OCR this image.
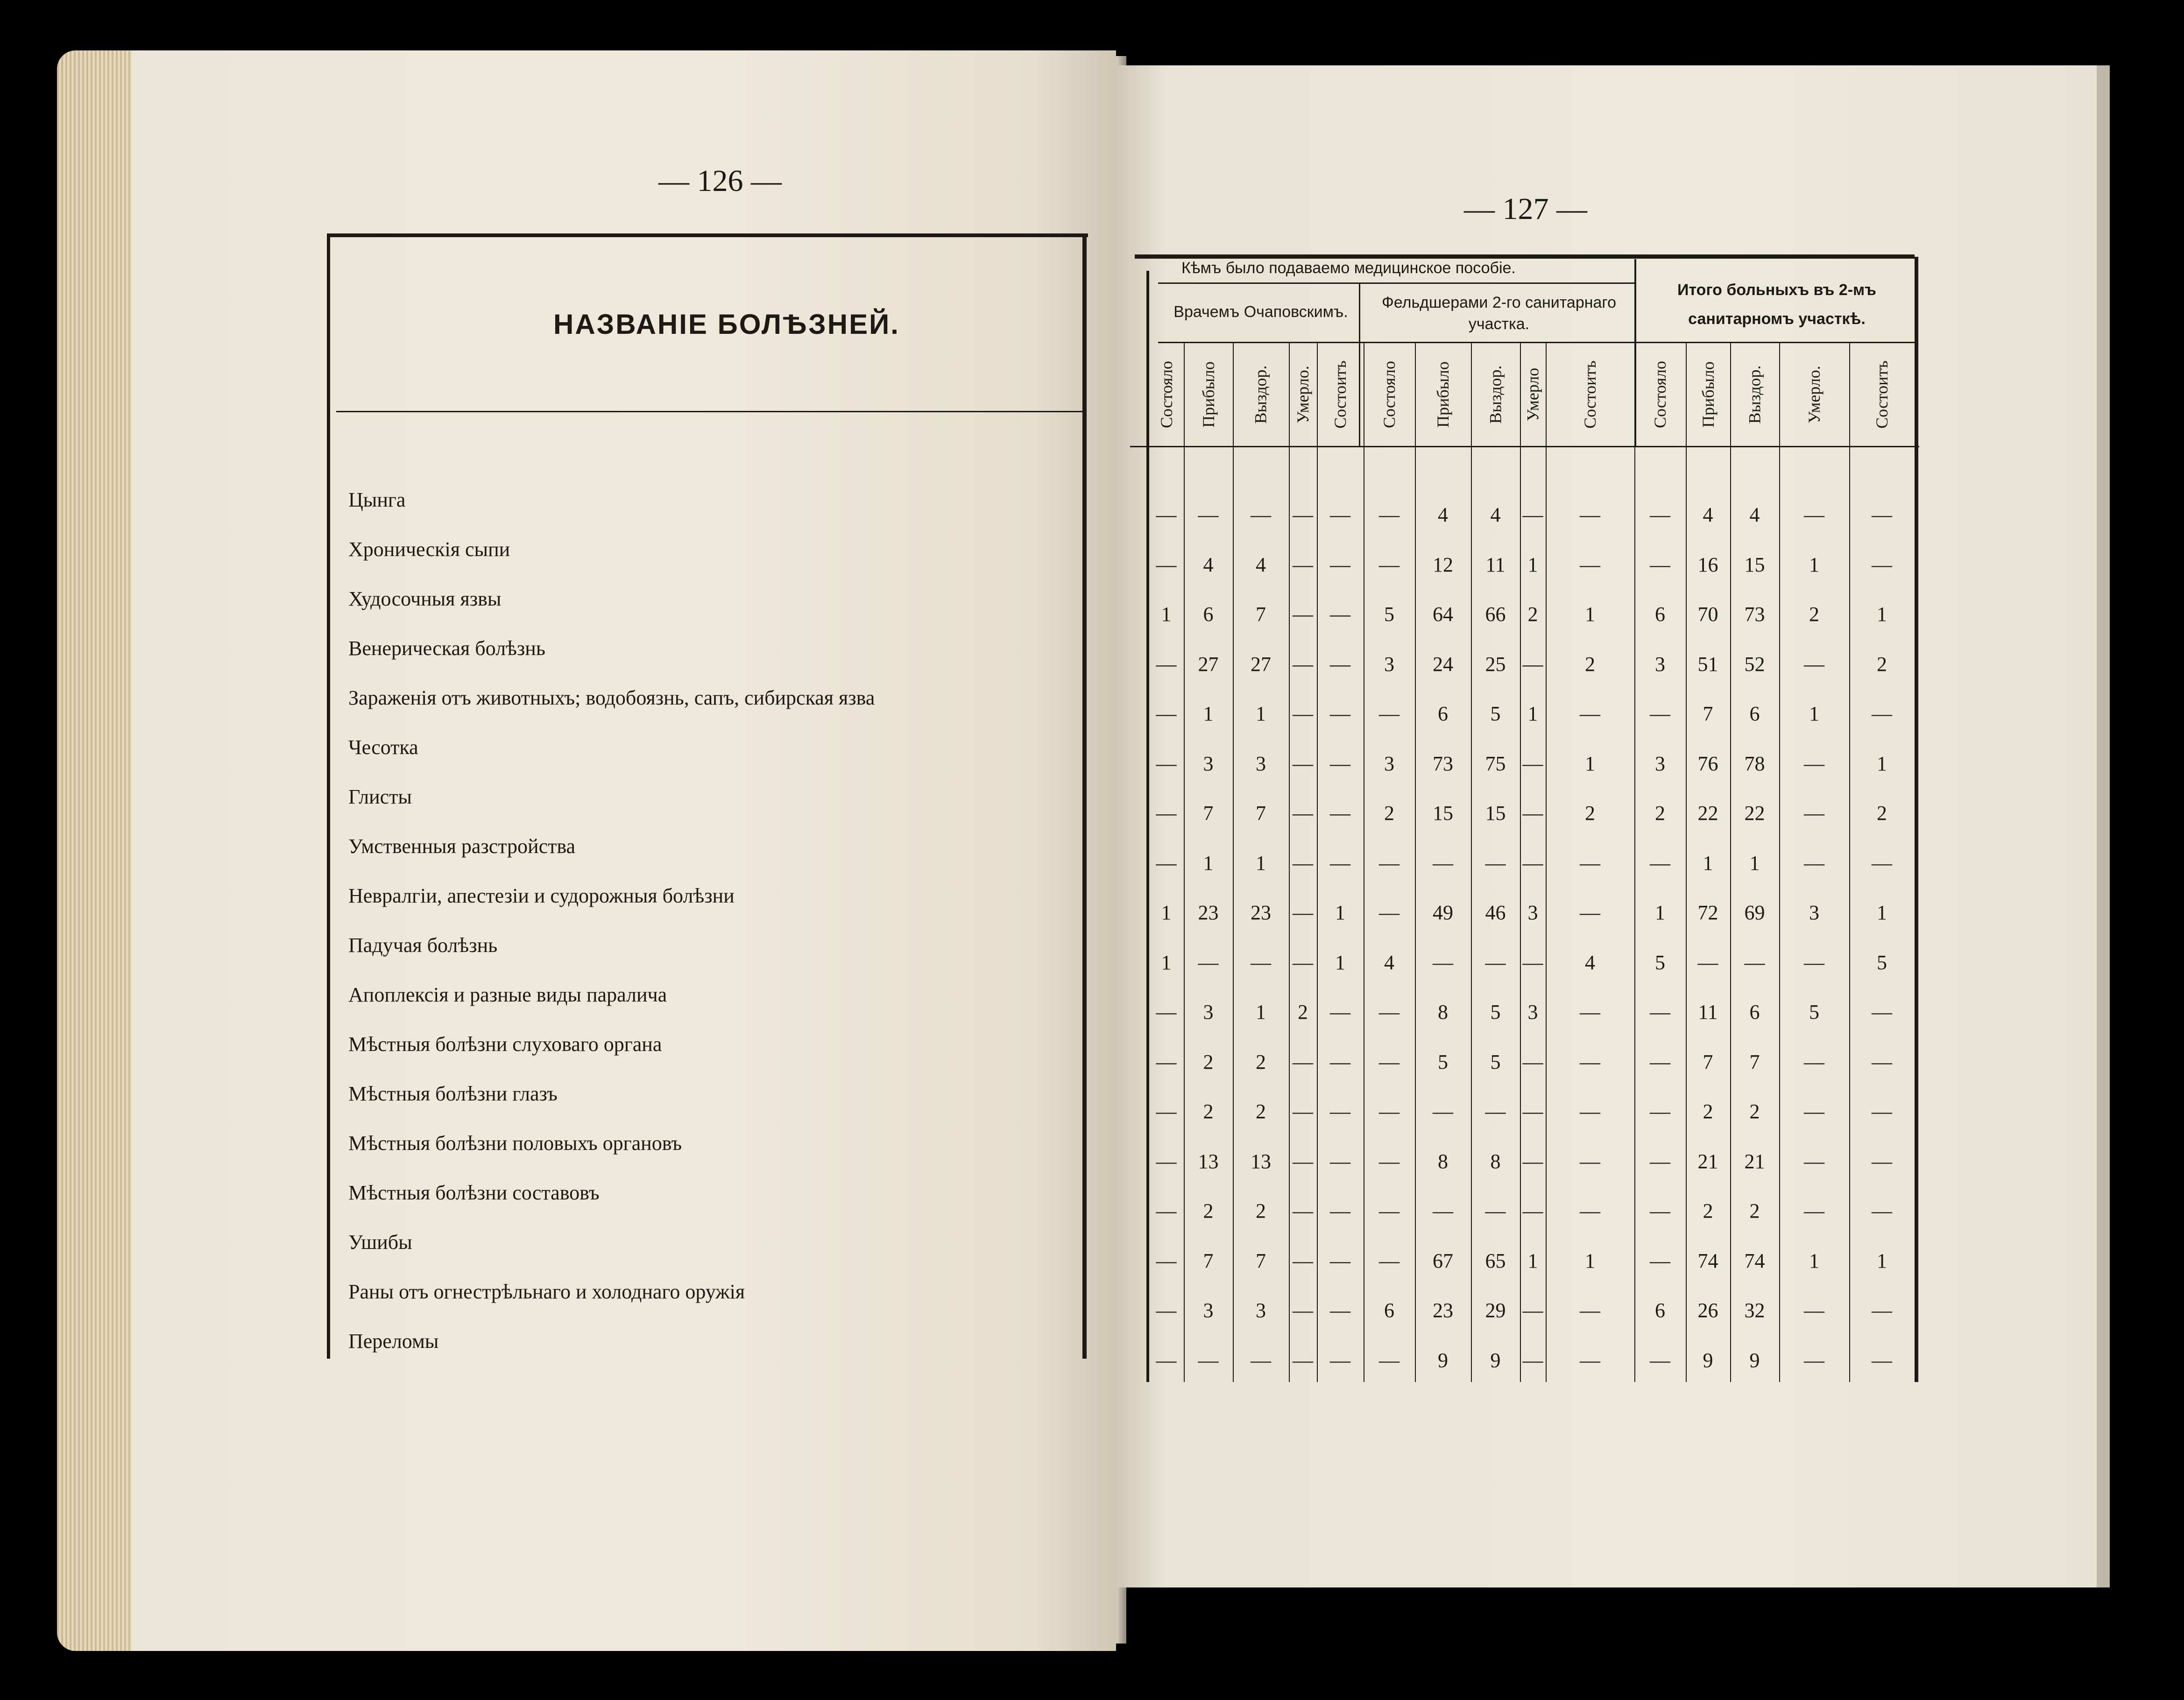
— 126 —
НАЗВАНІЕ БОЛѢЗНЕЙ.
Цынга
Хроническія сыпи
Худосочныя язвы
Венерическая болѣзнь
Зараженія отъ животныхъ; водобоязнь, сапъ, сибирская язва
Чесотка
Глисты
Умственныя разстройства
Невралгіи, апестезіи и судорожныя болѣзни
Падучая болѣзнь
Апоплексія и разные виды паралича
Мѣстныя болѣзни слуховаго органа
Мѣстныя болѣзни глазъ
Мѣстныя болѣзни половыхъ органовъ
Мѣстныя болѣзни составовъ
Ушибы
Раны отъ огнестрѣльнаго и холоднаго оружія
Переломы
— 127 —
Кѣмъ было подаваемо медицинское пособіе.
Врачемъ Очаповскимъ.
Фельдшерами 2-го санитарнаго участка.
Итого больныхъ въ 2-мъ санитарномъ участкѣ.
Состояло Прибыло Выздор. Умерло. Состоитъ Состояло Прибыло Выздор. Умерло Состоитъ	Состояло Прибыло Выздор. Умерло.	Состоитъ
—	—	—	— —	—	4	4	—	—	—	4	4	—	—
—	4	4	— —	—	12	11	1	—	—	16	15	1	—
1	6	7	— —	5	64	66	2	1	6	70	73	2	1
—	27	27	— —	3	24	25 —	2	3	51	52	—	2
—	1	1	— —	—	6	5	1	—	—	7	6	1	—
—	3	3	— —	3	73	75 —	1	3	76	78	—	1
—	7	7	— —	2	15	15 —	2	2	22	22	—	2
—	1	1	— —	—	—	— —	—	—	1	1	—	—
1	23	23	—	1	—	49	46	3	—	1	72	69	3	1
1	—	—	—	1	4	—	— —	4	5	—	—	—	5
—	3	1	2	—	—	8	5	3	—	—	11	6	5	—
—	2	2	— —	—	5	5	—	—	—	7	7	—	—
—	2	2	— —	—	—	— —	—	—	2	2	—	—
—	13	13	— —	—	8	8	—	—	—	21	21	—	—
—	2	2	— —	—	—	— —	—	—	2	2	—	—
—	7	7	— —	—	67	65	1	1	—	74	74	1	1
—	3	3	— —	6	23	29 —	—	6	26	32	—	—
—	—	—	— —	—	9	9	—	—	—	9	9	—	—
